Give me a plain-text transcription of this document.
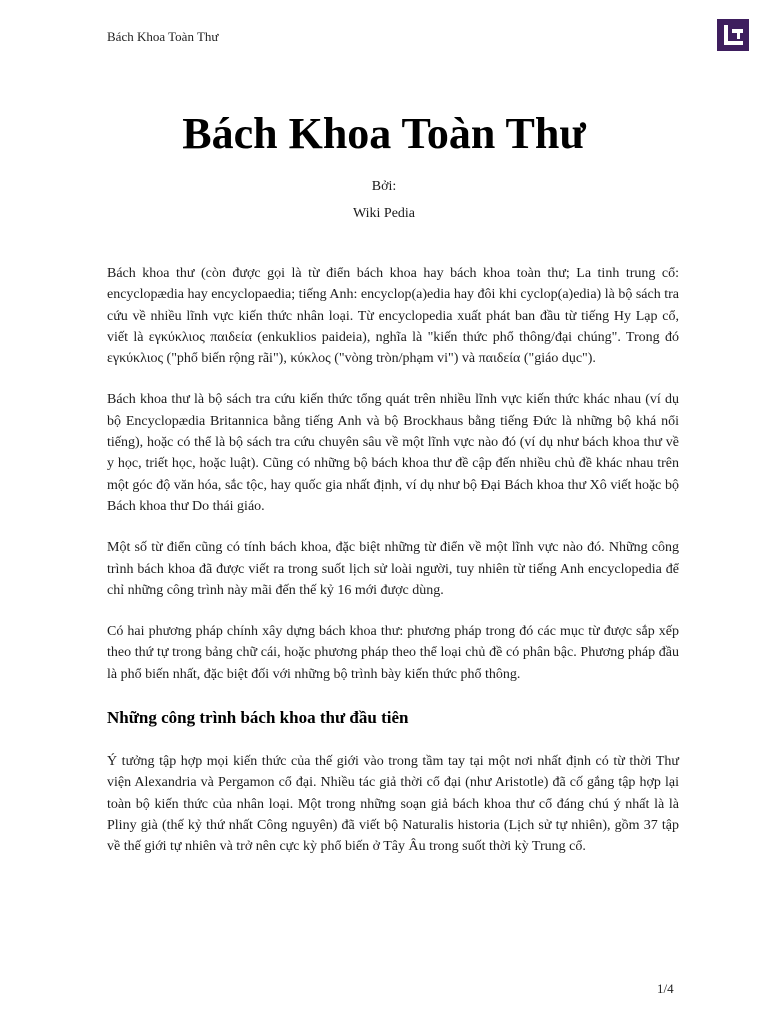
Bách Khoa Toàn Thư
Bách Khoa Toàn Thư
Bởi:
Wiki Pedia

Bách khoa thư (còn được gọi là từ điển bách khoa hay bách khoa toàn thư; La tinh trung cổ: encyclopædia hay encyclopaedia; tiếng Anh: encyclop(a)edia hay đôi khi cyclop(a)edia) là bộ sách tra cứu về nhiều lĩnh vực kiến thức nhân loại. Từ encyclopedia xuất phát ban đầu từ tiếng Hy Lạp cổ, viết là εγκύκλιος παιδεία (enkuklios paideia), nghĩa là "kiến thức phổ thông/đại chúng". Trong đó εγκύκλιος ("phổ biến rộng rãi"), κύκλος ("vòng tròn/phạm vi") và παιδεία ("giáo dục").

Bách khoa thư là bộ sách tra cứu kiến thức tổng quát trên nhiều lĩnh vực kiến thức khác nhau (ví dụ bộ Encyclopædia Britannica bằng tiếng Anh và bộ Brockhaus bằng tiếng Đức là những bộ khá nổi tiếng), hoặc có thể là bộ sách tra cứu chuyên sâu về một lĩnh vực nào đó (ví dụ như bách khoa thư về y học, triết học, hoặc luật). Cũng có những bộ bách khoa thư đề cập đến nhiều chủ đề khác nhau trên một góc độ văn hóa, sắc tộc, hay quốc gia nhất định, ví dụ như bộ Đại Bách khoa thư Xô viết hoặc bộ Bách khoa thư Do thái giáo.

Một số từ điển cũng có tính bách khoa, đặc biệt những từ điển về một lĩnh vực nào đó. Những công trình bách khoa đã được viết ra trong suốt lịch sử loài người, tuy nhiên từ tiếng Anh encyclopedia để chỉ những công trình này mãi đến thế kỷ 16 mới được dùng.

Có hai phương pháp chính xây dựng bách khoa thư: phương pháp trong đó các mục từ được sắp xếp theo thứ tự trong bảng chữ cái, hoặc phương pháp theo thể loại chủ đề có phân bậc. Phương pháp đầu là phổ biến nhất, đặc biệt đối với những bộ trình bày kiến thức phổ thông.

Những công trình bách khoa thư đầu tiên

Ý tưởng tập hợp mọi kiến thức của thế giới vào trong tầm tay tại một nơi nhất định có từ thời Thư viện Alexandria và Pergamon cổ đại. Nhiều tác giả thời cổ đại (như Aristotle) đã cố gắng tập hợp lại toàn bộ kiến thức của nhân loại. Một trong những soạn giả bách khoa thư cổ đáng chú ý nhất là là Pliny già (thế kỷ thứ nhất Công nguyên) đã viết bộ Naturalis historia (Lịch sử tự nhiên), gồm 37 tập về thế giới tự nhiên và trở nên cực kỳ phổ biến ở Tây Âu trong suốt thời kỳ Trung cổ.

1/4
